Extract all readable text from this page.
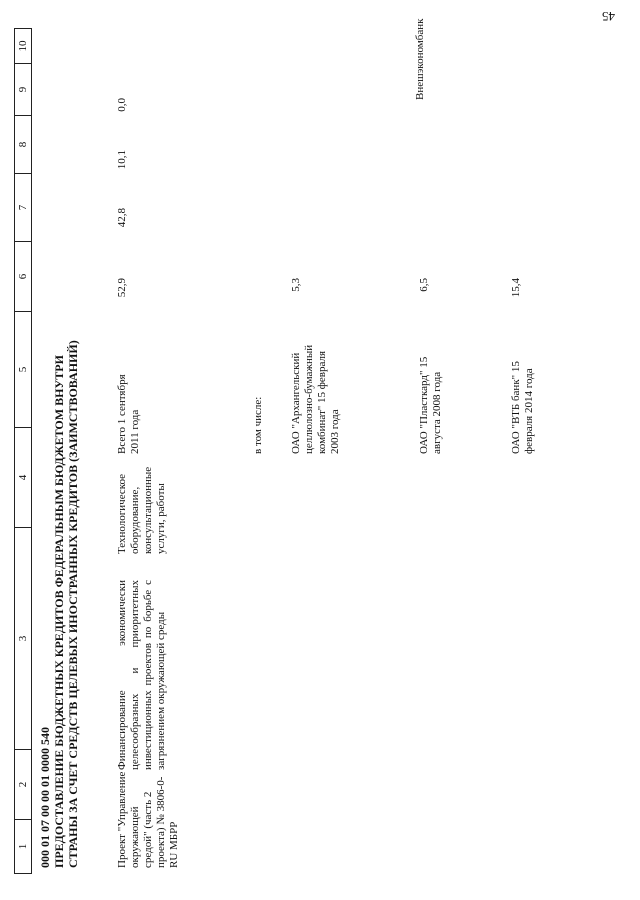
45
1
2
3
4
5
6
7
8
9
10
000 01 07 00 00 01 0000 540 ПРЕДОСТАВЛЕНИЕ БЮДЖЕТНЫХ КРЕДИТОВ ФЕДЕРАЛЬНЫМ БЮДЖЕТОМ ВНУТРИ СТРАНЫ ЗА СЧЕТ СРЕДСТВ ЦЕЛЕВЫХ ИНОСТРАННЫХ КРЕДИТОВ (ЗАИМСТВОВАНИЙ)	Проект "Управление окружающей средой" (часть 2 проекта) № 3806-0-RU МБРР
Финансирование экономически целесообразных и приоритетных инвестиционных проектов по борьбе с загрязнением окружающей среды
Технологическое оборудование, консультационные услуги, работы
Всего 1 сентября 2011 года
52,9
42,8
10,1
0,0
в том числе: ОАО "Архангельский целлюлозно-бумажный комбинат" 15 февраля 2003 года
5,3
ОАО "Пласткард" 15 августа 2008 года
6,5
Внешэкономбанк
ОАО "ВТБ банк" 15 февраля 2014 года
15,4
